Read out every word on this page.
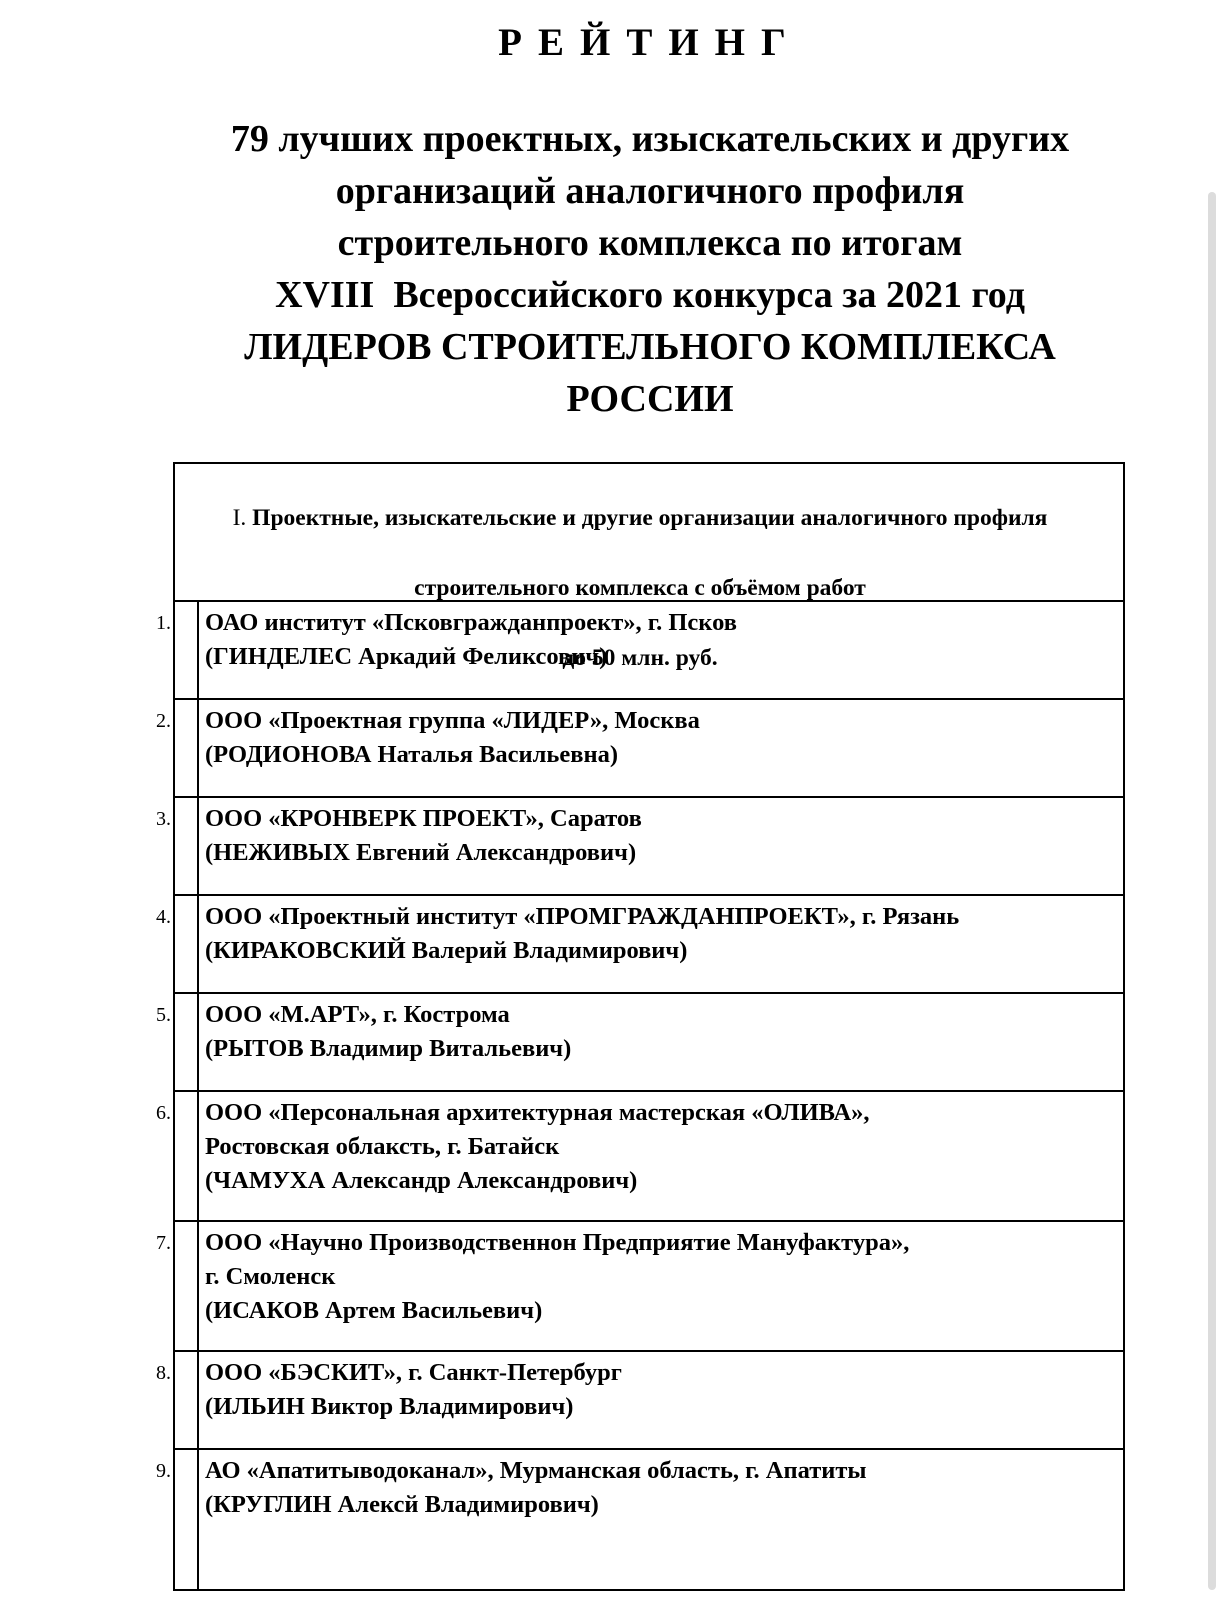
РЕЙТИНГ
79 лучших проектных, изыскательских и других
организаций аналогичного профиля
строительного комплекса по итогам
XVIII  Всероссийского конкурса за 2021 год
ЛИДЕРОВ СТРОИТЕЛЬНОГО КОМПЛЕКСА
РОССИИ

I. Проектные, изыскательские и другие организации аналогичного профиля

строительного комплекса с объёмом работ

до 50 млн. руб.

1. ОАО институт «Псковгражданпроект», г. Псков
(ГИНДЕЛЕС Аркадий Феликсович)
2. ООО «Проектная группа «ЛИДЕР», Москва
(РОДИОНОВА Наталья Васильевна)
3. ООО «КРОНВЕРК ПРОЕКТ», Саратов
(НЕЖИВЫХ Евгений Александрович)
4. ООО «Проектный институт «ПРОМГРАЖДАНПРОЕКТ», г. Рязань
(КИРАКОВСКИЙ Валерий Владимирович)
5. ООО «М.АРТ», г. Кострома
(РЫТОВ Владимир Витальевич)
6. ООО «Персональная архитектурная мастерская «ОЛИВА»,
Ростовская облаксть, г. Батайск
(ЧАМУХА Александр Александрович)
7. ООО «Научно Производственнон Предприятие Мануфактура»,
г. Смоленск
(ИСАКОВ Артем Васильевич)
8. ООО «БЭСКИТ», г. Санкт-Петербург
(ИЛЬИН Виктор Владимирович)
9. АО «Апатитыводоканал», Мурманская область, г. Апатиты
(КРУГЛИН Алексй Владимирович)
